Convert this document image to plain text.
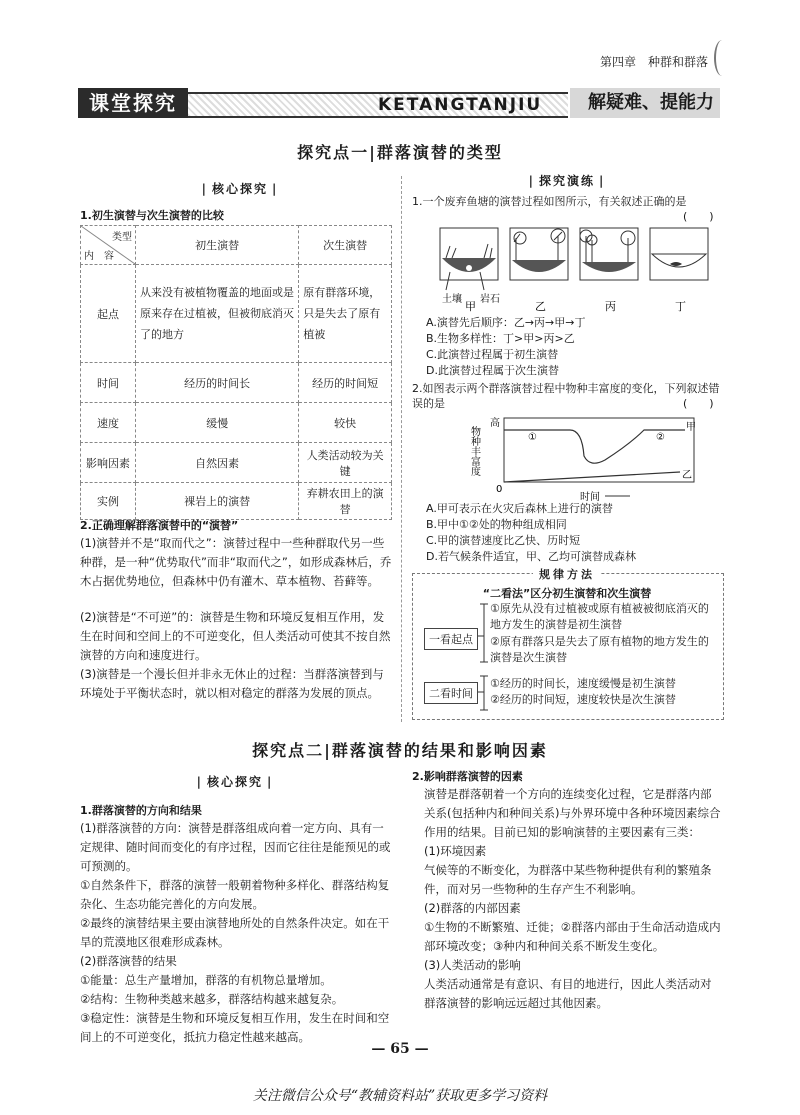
第四章　种群和群落
课堂探究	KETANGTANJIU	解疑难、提能力
探究点一|群落演替的类型
| 核心探究 |
1.初生演替与次生演替的比较
类型
内　容	初生演替	次生演替
起点	从来没有被植物覆盖的地面或是原来存在过植被，但被彻底消灭了的地方	原有群落环境，只是失去了原有植被
时间	经历的时间长	经历的时间短
速度	缓慢	较快
影响因素	自然因素	人类活动较为关键
实例	裸岩上的演替	弃耕农田上的演替
2.正确理解群落演替中的“演替”
(1)演替并不是“取而代之”：演替过程中一些种群取代另一些种群，是一种“优势取代”而非“取而代之”，如形成森林后，乔木占据优势地位，但森林中仍有灌木、草本植物、苔藓等。
(2)演替是“不可逆”的：演替是生物和环境反复相互作用，发生在时间和空间上的不可逆变化，但人类活动可使其不按自然演替的方向和速度进行。
(3)演替是一个漫长但并非永无休止的过程：当群落演替到与环境处于平衡状态时，就以相对稳定的群落为发展的顶点。
| 探究演练 |
1.一个废弃鱼塘的演替过程如图所示，有关叙述正确的是
(　　)
土壤 岩石
甲	乙	丙	丁
A.演替先后顺序：乙→丙→甲→丁
B.生物多样性：丁>甲>丙>乙
C.此演替过程属于初生演替
D.此演替过程属于次生演替
2.如图表示两个群落演替过程中物种丰富度的变化，下列叙述错误的是	(　　)
物种丰富度
高
①	②
甲
乙
0
时间
A.甲可表示在火灾后森林上进行的演替
B.甲中①②处的物种组成相同
C.甲的演替速度比乙快、历时短
D.若气候条件适宜，甲、乙均可演替成森林
规律方法
“二看法”区分初生演替和次生演替
一看起点
二看时间
①原先从没有过植被或原有植被被彻底消灭的地方发生的演替是初生演替
②原有群落只是失去了原有植物的地方发生的演替是次生演替
①经历的时间长，速度缓慢是初生演替
②经历的时间短，速度较快是次生演替
探究点二|群落演替的结果和影响因素
| 核心探究 |
1.群落演替的方向和结果
(1)群落演替的方向：演替是群落组成向着一定方向、具有一定规律、随时间而变化的有序过程，因而它往往是能预见的或可预测的。
①自然条件下，群落的演替一般朝着物种多样化、群落结构复杂化、生态功能完善化的方向发展。
②最终的演替结果主要由演替地所处的自然条件决定。如在干旱的荒漠地区很难形成森林。
(2)群落演替的结果
①能量：总生产量增加，群落的有机物总量增加。
②结构：生物种类越来越多，群落结构越来越复杂。
③稳定性：演替是生物和环境反复相互作用，发生在时间和空间上的不可逆变化，抵抗力稳定性越来越高。
2.影响群落演替的因素
演替是群落朝着一个方向的连续变化过程，它是群落内部关系(包括种内和种间关系)与外界环境中各种环境因素综合作用的结果。目前已知的影响演替的主要因素有三类：
(1)环境因素
气候等的不断变化，为群落中某些物种提供有利的繁殖条件，而对另一些物种的生存产生不利影响。
(2)群落的内部因素
①生物的不断繁殖、迁徙；②群落内部由于生命活动造成内部环境改变；③种内和种间关系不断发生变化。
(3)人类活动的影响
人类活动通常是有意识、有目的地进行，因此人类活动对群落演替的影响远远超过其他因素。
— 65 —
关注微信公众号“教辅资料站”获取更多学习资料
